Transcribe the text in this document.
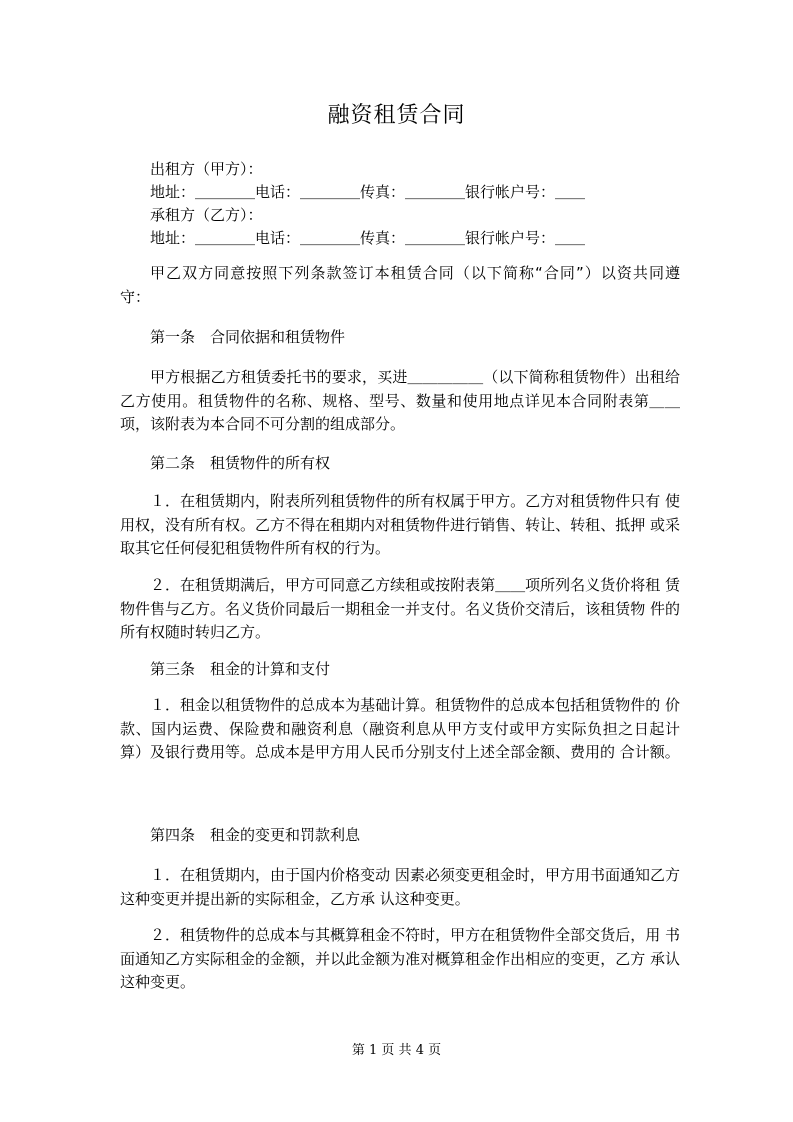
融资租赁合同
出租方（甲方）：
地址：＿＿＿＿电话：＿＿＿＿传真：＿＿＿＿银行帐户号：＿＿
承租方（乙方）：
地址：＿＿＿＿电话：＿＿＿＿传真：＿＿＿＿银行帐户号：＿＿
甲乙双方同意按照下列条款签订本租赁合同（以下简称“合同”）以资共同遵 守：
第一条　合同依据和租赁物件
甲方根据乙方租赁委托书的要求，买进＿＿＿＿＿（以下简称租赁物件）出租给 乙方使用。租赁物件的名称、规格、型号、数量和使用地点详见本合同附表第＿＿项，该附表为本合同不可分割的组成部分。
第二条　租赁物件的所有权
１．在租赁期内，附表所列租赁物件的所有权属于甲方。乙方对租赁物件只有 使用权，没有所有权。乙方不得在租期内对租赁物件进行销售、转让、转租、抵押 或采取其它任何侵犯租赁物件所有权的行为。
２．在租赁期满后，甲方可同意乙方续租或按附表第＿＿项所列名义货价将租 赁物件售与乙方。名义货价同最后一期租金一并支付。名义货价交清后，该租赁物 件的所有权随时转归乙方。
第三条　租金的计算和支付
１．租金以租赁物件的总成本为基础计算。租赁物件的总成本包括租赁物件的 价款、国内运费、保险费和融资利息（融资利息从甲方支付或甲方实际负担之日起计 算）及银行费用等。总成本是甲方用人民币分别支付上述全部金额、费用的 合计额。
第四条　租金的变更和罚款利息
１．在租赁期内，由于国内价格变动 因素必须变更租金时，甲方用书面通知乙方这种变更并提出新的实际租金，乙方承 认这种变更。
２．租赁物件的总成本与其概算租金不符时，甲方在租赁物件全部交货后，用 书面通知乙方实际租金的金额，并以此金额为准对概算租金作出相应的变更，乙方 承认这种变更。
第 1 页 共 4 页
